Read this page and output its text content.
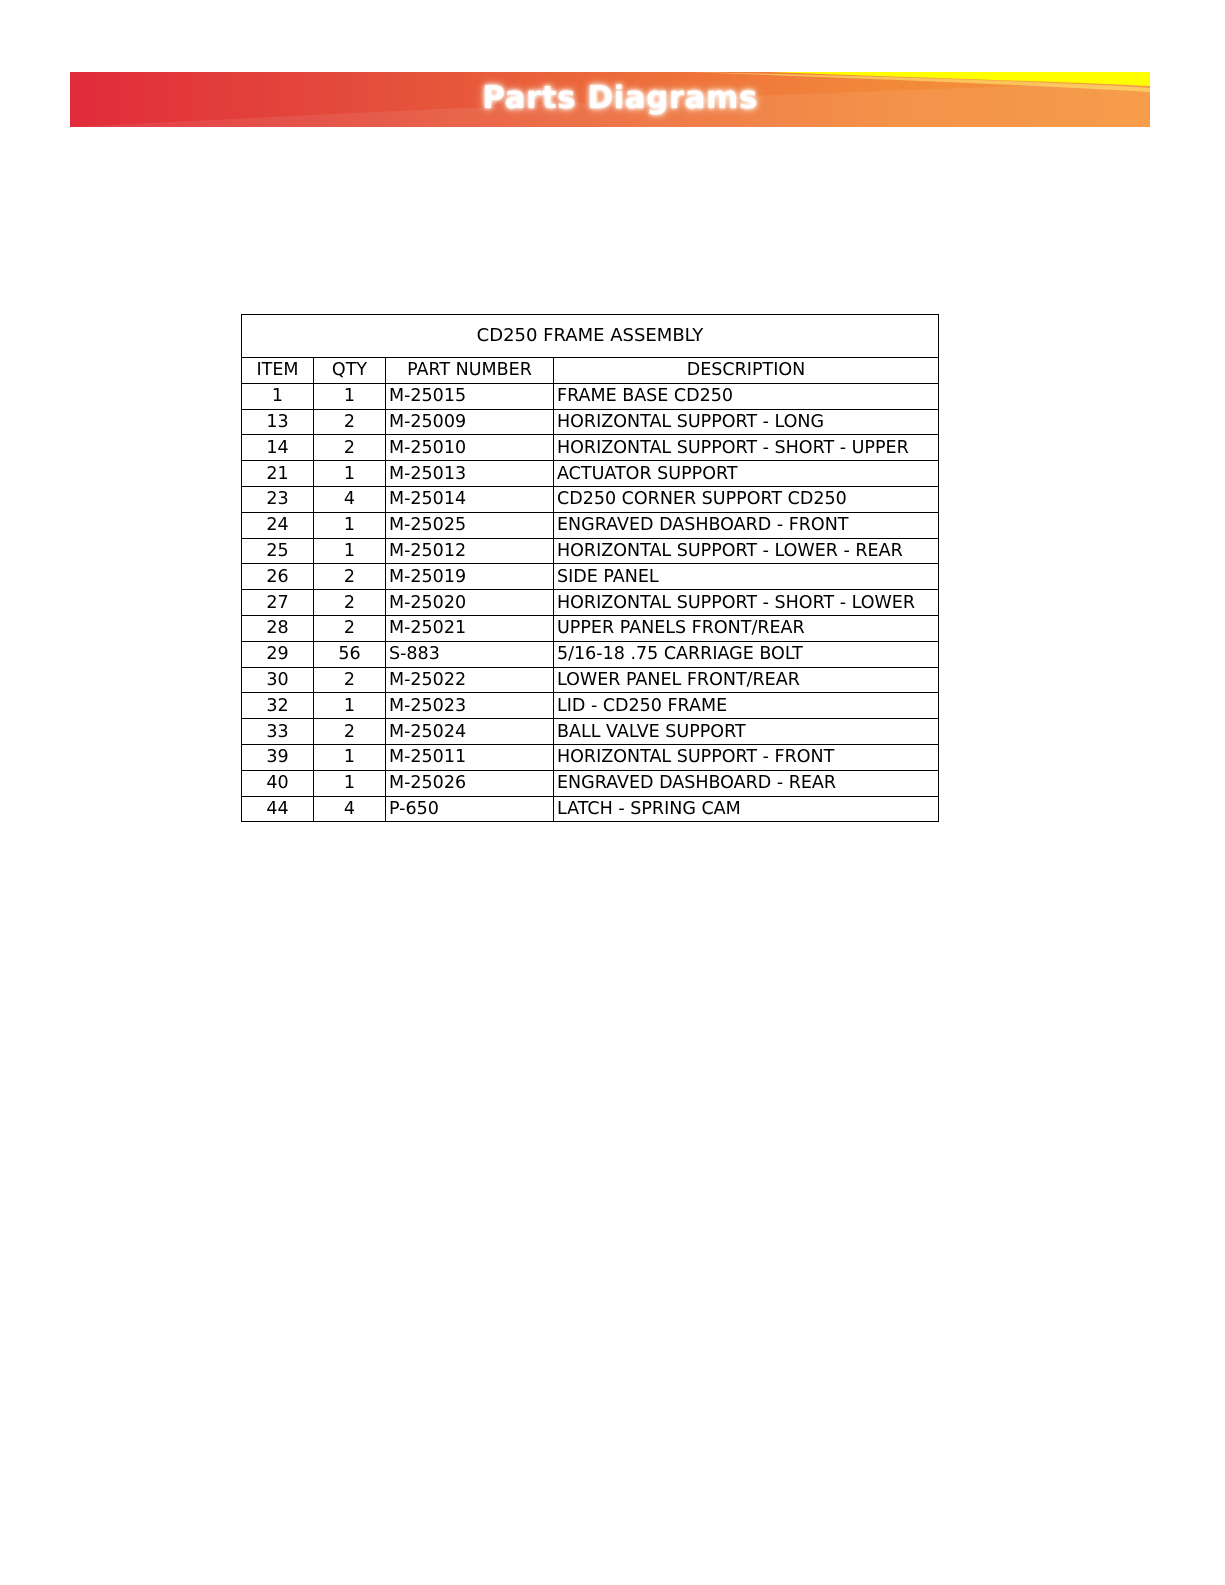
Parts Diagrams
CD250 FRAME ASSEMBLY			
ITEM	QTY	PART NUMBER	DESCRIPTION
1	1	M-25015	FRAME BASE CD250
13	2	M-25009	HORIZONTAL SUPPORT - LONG
14	2	M-25010	HORIZONTAL SUPPORT - SHORT - UPPER
21	1	M-25013	ACTUATOR SUPPORT
23	4	M-25014	CD250 CORNER SUPPORT CD250
24	1	M-25025	ENGRAVED DASHBOARD - FRONT
25	1	M-25012	HORIZONTAL SUPPORT - LOWER - REAR
26	2	M-25019	SIDE PANEL
27	2	M-25020	HORIZONTAL SUPPORT - SHORT - LOWER
28	2	M-25021	UPPER PANELS FRONT/REAR
29	56	S-883	5/16-18 .75 CARRIAGE BOLT
30	2	M-25022	LOWER PANEL FRONT/REAR
32	1	M-25023	LID - CD250 FRAME
33	2	M-25024	BALL VALVE SUPPORT
39	1	M-25011	HORIZONTAL SUPPORT - FRONT
40	1	M-25026	ENGRAVED DASHBOARD - REAR
44	4	P-650	LATCH - SPRING CAM
